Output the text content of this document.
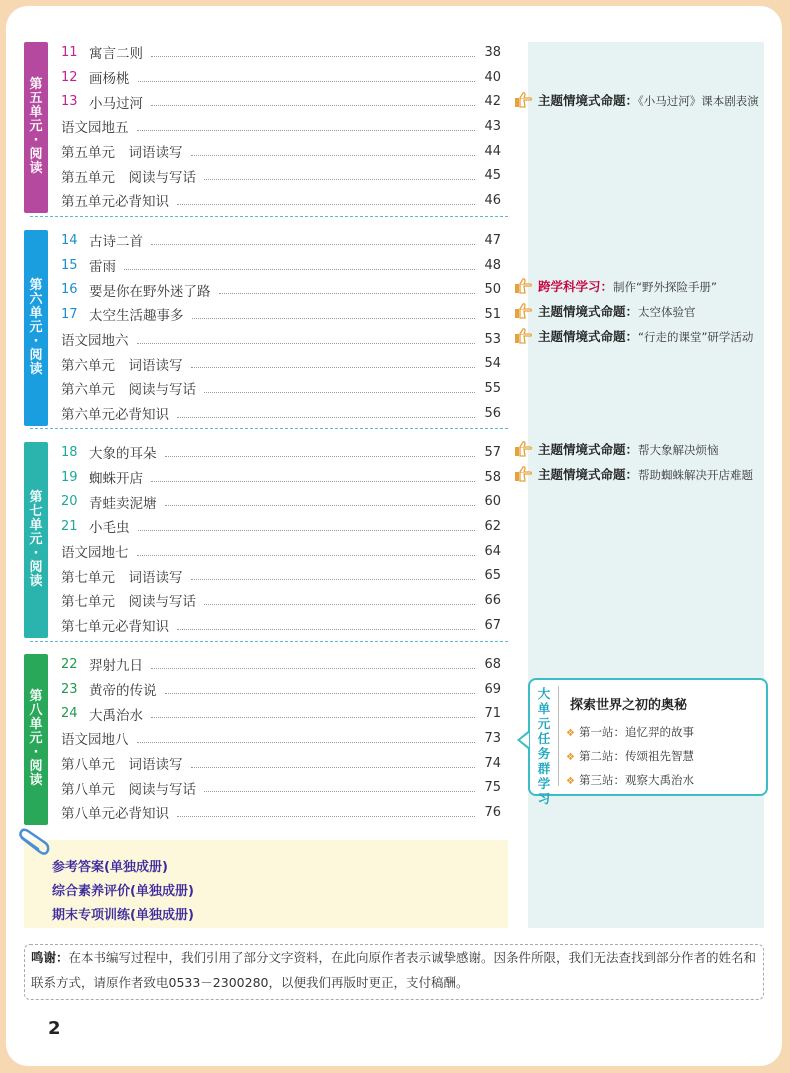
第
五
单
元
·
阅
读
11 寓言二则	38
12 画杨桃	40
13 小马过河	42
语文园地五	43
第五单元　词语读写	44
第五单元　阅读与写话	45
第五单元必背知识	46
第
六
单
元
·
阅
读
14 古诗二首	47
15 雷雨	48
16 要是你在野外迷了路	50
17 太空生活趣事多	51
语文园地六	53
第六单元　词语读写	54
第六单元　阅读与写话	55
第六单元必背知识	56
第
七
单
元
·
阅
读
18 大象的耳朵	57
19 蜘蛛开店	58
20 青蛙卖泥塘	60
21 小毛虫	62
语文园地七	64
第七单元　词语读写	65
第七单元　阅读与写话	66
第七单元必背知识	67
第
八
单
元
·
阅
读
22 羿射九日	68
23 黄帝的传说	69
24 大禹治水	71
语文园地八	73
第八单元　词语读写	74
第八单元　阅读与写话	75
第八单元必背知识	76
主题情境式命题：《小马过河》课本剧表演
跨学科学习：制作“野外探险手册”
主题情境式命题：太空体验官
主题情境式命题：“行走的课堂”研学活动
主题情境式命题：帮大象解决烦恼
主题情境式命题：帮助蜘蛛解决开店难题
大
单
元
任
务
群
学
习
探索世界之初的奥秘
❖ 第一站：追忆羿的故事
❖ 第二站：传颂祖先智慧
❖ 第三站：观察大禹治水
参考答案(单独成册)
综合素养评价(单独成册)
期末专项训练(单独成册)
鸣谢：在本书编写过程中，我们引用了部分文字资料，在此向原作者表示诚挚感谢。因条件所限，我们无法查找到部分作者的姓名和联系方式，请原作者致电0533－2300280，以便我们再版时更正，支付稿酬。
2
